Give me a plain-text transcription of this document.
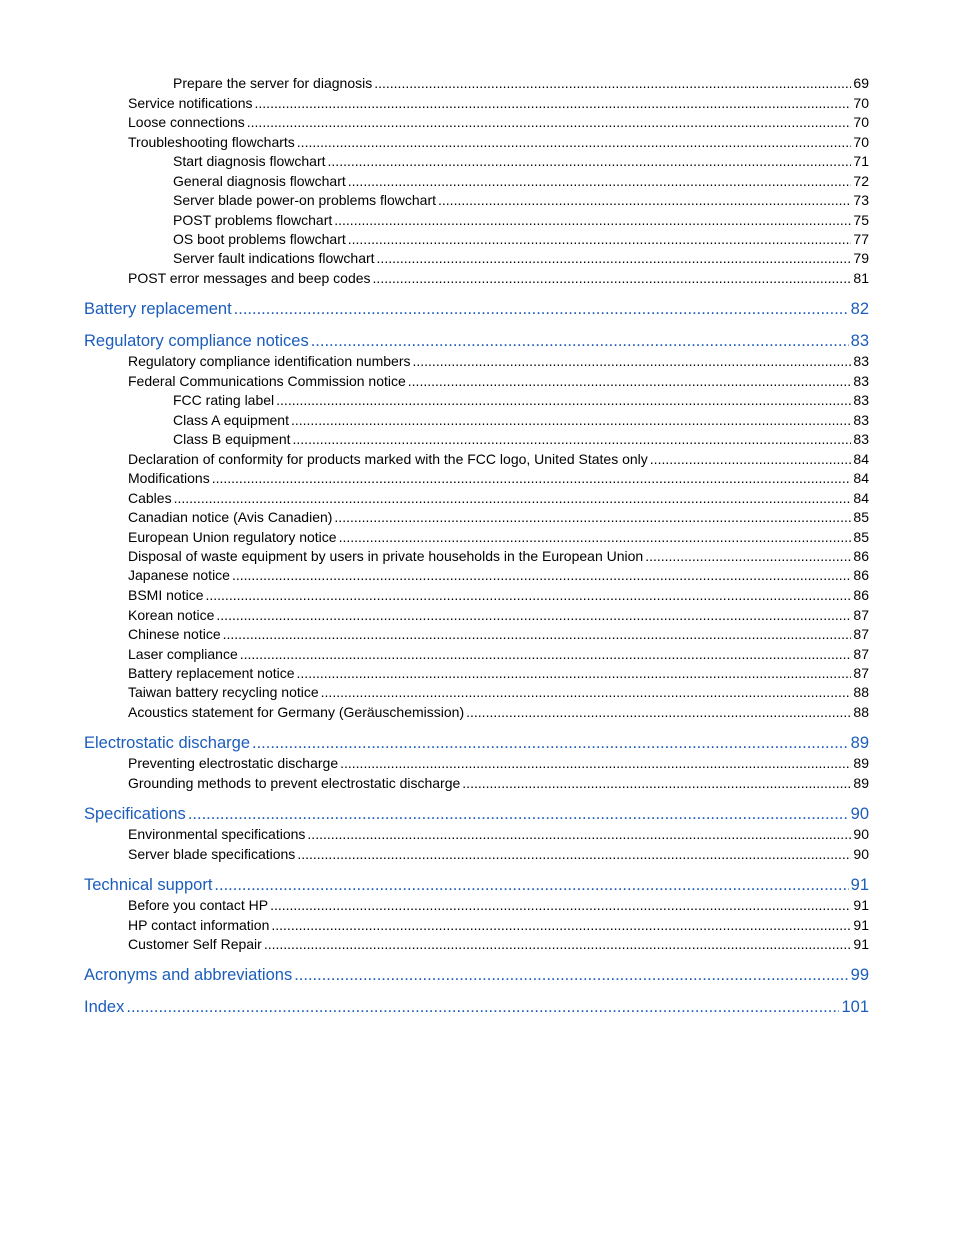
Prepare the server for diagnosis .....	69
Service notifications .....	70
Loose connections .....	70
Troubleshooting flowcharts .....	70
Start diagnosis flowchart .....	71
General diagnosis flowchart .....	72
Server blade power-on problems flowchart .....	73
POST problems flowchart .....	75
OS boot problems flowchart .....	77
Server fault indications flowchart .....	79
POST error messages and beep codes .....	81
Battery replacement .....	82
Regulatory compliance notices .....	83
Regulatory compliance identification numbers .....	83
Federal Communications Commission notice .....	83
FCC rating label .....	83
Class A equipment .....	83
Class B equipment .....	83
Declaration of conformity for products marked with the FCC logo, United States only .....	84
Modifications .....	84
Cables .....	84
Canadian notice (Avis Canadien) .....	85
European Union regulatory notice .....	85
Disposal of waste equipment by users in private households in the European Union .....	86
Japanese notice .....	86
BSMI notice .....	86
Korean notice .....	87
Chinese notice .....	87
Laser compliance .....	87
Battery replacement notice .....	87
Taiwan battery recycling notice .....	88
Acoustics statement for Germany (Geräuschemission) .....	88
Electrostatic discharge .....	89
Preventing electrostatic discharge .....	89
Grounding methods to prevent electrostatic discharge .....	89
Specifications .....	90
Environmental specifications .....	90
Server blade specifications .....	90
Technical support .....	91
Before you contact HP .....	91
HP contact information .....	91
Customer Self Repair .....	91
Acronyms and abbreviations .....	99
Index .....	101
